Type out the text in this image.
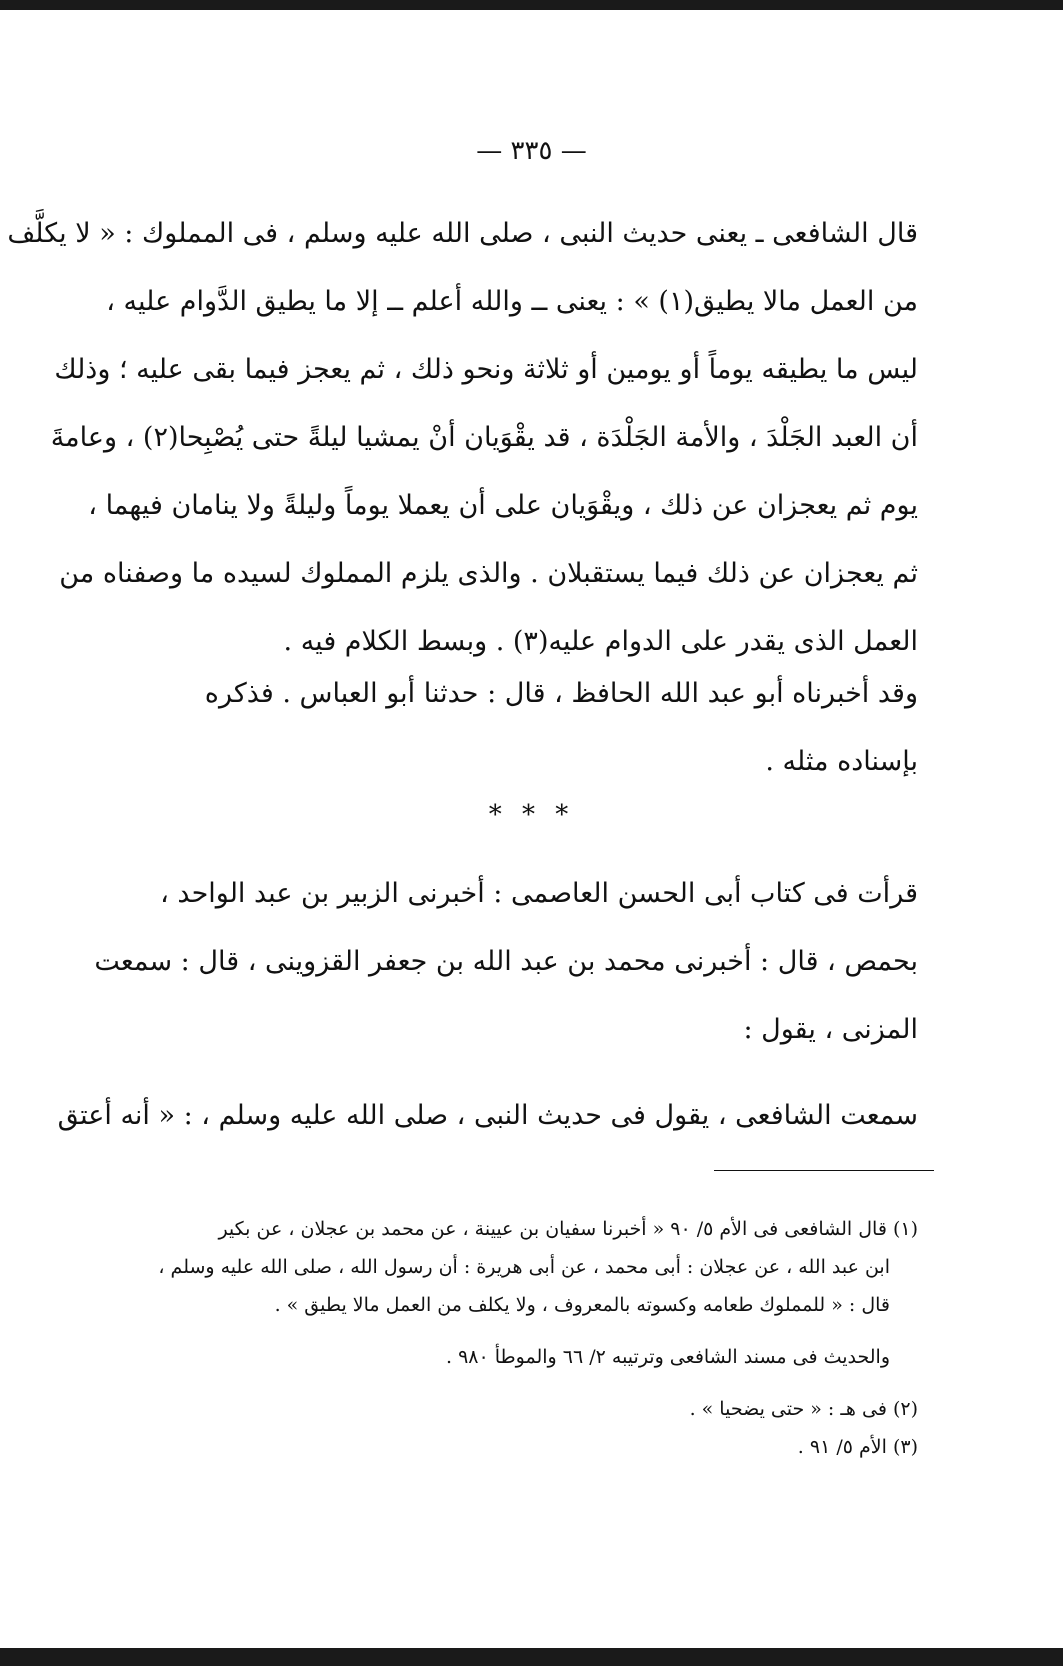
— ٣٣٥ —
قال الشافعى ـ يعنى حديث النبى ، صلى الله عليه وسلم ، فى المملوك : « لا يكلَّف
من العمل مالا يطيق(١) » : يعنى ــ والله أعلم ــ إلا ما يطيق الدَّوام عليه ،
ليس ما يطيقه يوماً أو يومين أو ثلاثة ونحو ذلك ، ثم يعجز فيما بقى عليه ؛ وذلك
أن العبد الجَلْدَ ، والأمة الجَلْدَة ، قد يقْوَيان أنْ يمشيا ليلةً حتى يُصْبِحا(٢) ، وعامةَ
يوم ثم يعجزان عن ذلك ، ويقْوَيان على أن يعملا يوماً وليلةً ولا ينامان فيهما ،
ثم يعجزان عن ذلك فيما يستقبلان . والذى يلزم المملوك لسيده ما وصفناه من
العمل الذى يقدر على الدوام عليه(٣) . وبسط الكلام فيه .
وقد أخبرناه أبو عبد الله الحافظ ، قال : حدثنا أبو العباس . فذكره
بإسناده مثله .
* * *
قرأت فى كتاب أبى الحسن العاصمى : أخبرنى الزبير بن عبد الواحد ،
بحمص ، قال : أخبرنى محمد بن عبد الله بن جعفر القزوينى ، قال : سمعت
المزنى ، يقول :
سمعت الشافعى ، يقول فى حديث النبى ، صلى الله عليه وسلم ، : « أنه أعتق
(١) قال الشافعى فى الأم ٥/ ٩٠ « أخبرنا سفيان بن عيينة ، عن محمد بن عجلان ، عن بكير
ابن عبد الله ، عن عجلان : أبى محمد ، عن أبى هريرة : أن رسول الله ، صلى الله عليه وسلم ،
قال : « للمملوك طعامه وكسوته بالمعروف ، ولا يكلف من العمل مالا يطيق » .
والحديث فى مسند الشافعى وترتيبه ٢/ ٦٦ والموطأ ٩٨٠ .
(٢) فى هـ : « حتى يضحيا » .
(٣) الأم ٥/ ٩١ .
